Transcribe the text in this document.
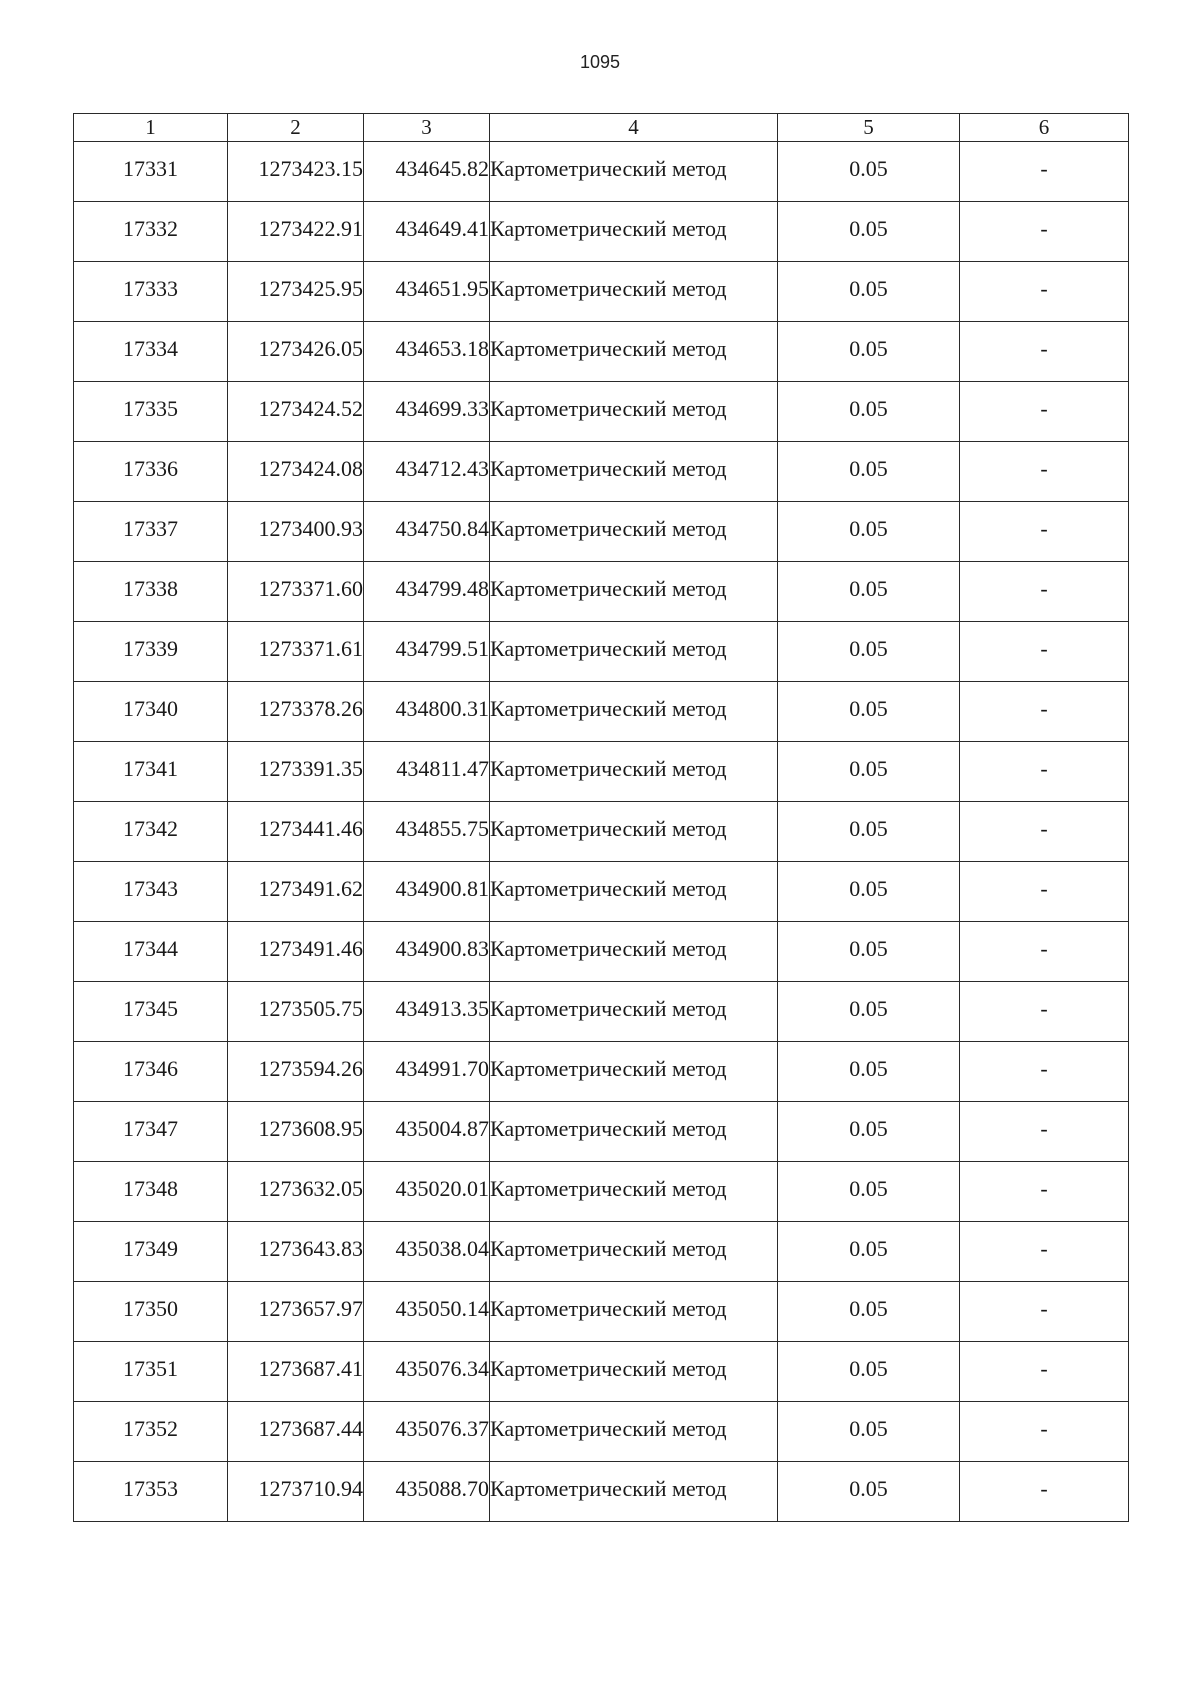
1095
1	2	3	4	5	6
17331	1273423.15	434645.82	Картометрический метод	0.05	-
17332	1273422.91	434649.41	Картометрический метод	0.05	-
17333	1273425.95	434651.95	Картометрический метод	0.05	-
17334	1273426.05	434653.18	Картометрический метод	0.05	-
17335	1273424.52	434699.33	Картометрический метод	0.05	-
17336	1273424.08	434712.43	Картометрический метод	0.05	-
17337	1273400.93	434750.84	Картометрический метод	0.05	-
17338	1273371.60	434799.48	Картометрический метод	0.05	-
17339	1273371.61	434799.51	Картометрический метод	0.05	-
17340	1273378.26	434800.31	Картометрический метод	0.05	-
17341	1273391.35	434811.47	Картометрический метод	0.05	-
17342	1273441.46	434855.75	Картометрический метод	0.05	-
17343	1273491.62	434900.81	Картометрический метод	0.05	-
17344	1273491.46	434900.83	Картометрический метод	0.05	-
17345	1273505.75	434913.35	Картометрический метод	0.05	-
17346	1273594.26	434991.70	Картометрический метод	0.05	-
17347	1273608.95	435004.87	Картометрический метод	0.05	-
17348	1273632.05	435020.01	Картометрический метод	0.05	-
17349	1273643.83	435038.04	Картометрический метод	0.05	-
17350	1273657.97	435050.14	Картометрический метод	0.05	-
17351	1273687.41	435076.34	Картометрический метод	0.05	-
17352	1273687.44	435076.37	Картометрический метод	0.05	-
17353	1273710.94	435088.70	Картометрический метод	0.05	-
